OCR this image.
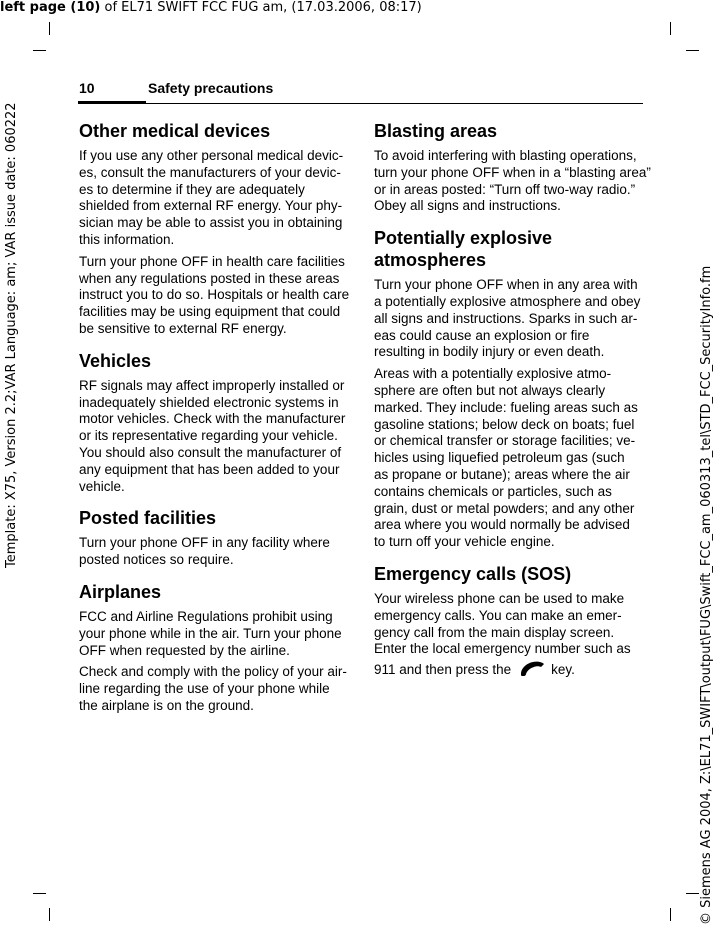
left page (10) of EL71 SWIFT FCC FUG am, (17.03.2006, 08:17)
Template: X75, Version 2.2;VAR Language: am; VAR issue date: 060222	© Siemens AG 2004, Z:\EL71_SWIFT\output\FUG\Swift_FCC_am_060313_tel\STD_FCC_SecurityInfo.fm
10	Safety precautions
Other medical devices

If you use any other personal medical devic-
es, consult the manufacturers of your devic-
es to determine if they are adequately
shielded from external RF energy. Your phy-
sician may be able to assist you in obtaining
this information.

Turn your phone OFF in health care facilities
when any regulations posted in these areas
instruct you to do so. Hospitals or health care
facilities may be using equipment that could
be sensitive to external RF energy.

Vehicles

RF signals may affect improperly installed or
inadequately shielded electronic systems in
motor vehicles. Check with the manufacturer
or its representative regarding your vehicle.
You should also consult the manufacturer of
any equipment that has been added to your
vehicle.

Posted facilities

Turn your phone OFF in any facility where
posted notices so require.

Airplanes

FCC and Airline Regulations prohibit using
your phone while in the air. Turn your phone
OFF when requested by the airline.

Check and comply with the policy of your air-
line regarding the use of your phone while
the airplane is on the ground.

Blasting areas

To avoid interfering with blasting operations,
turn your phone OFF when in a “blasting area”
or in areas posted: “Turn off two-way radio.”
Obey all signs and instructions.

Potentially explosive
atmospheres

Turn your phone OFF when in any area with
a potentially explosive atmosphere and obey
all signs and instructions. Sparks in such ar-
eas could cause an explosion or fire
resulting in bodily injury or even death.

Areas with a potentially explosive atmo-
sphere are often but not always clearly
marked. They include: fueling areas such as
gasoline stations; below deck on boats; fuel
or chemical transfer or storage facilities; ve-
hicles using liquefied petroleum gas (such
as propane or butane); areas where the air
contains chemicals or particles, such as
grain, dust or metal powders; and any other
area where you would normally be advised
to turn off your vehicle engine.

Emergency calls (SOS)

Your wireless phone can be used to make
emergency calls. You can make an emer-
gency call from the main display screen.
Enter the local emergency number such as
911 and then press the	key.
